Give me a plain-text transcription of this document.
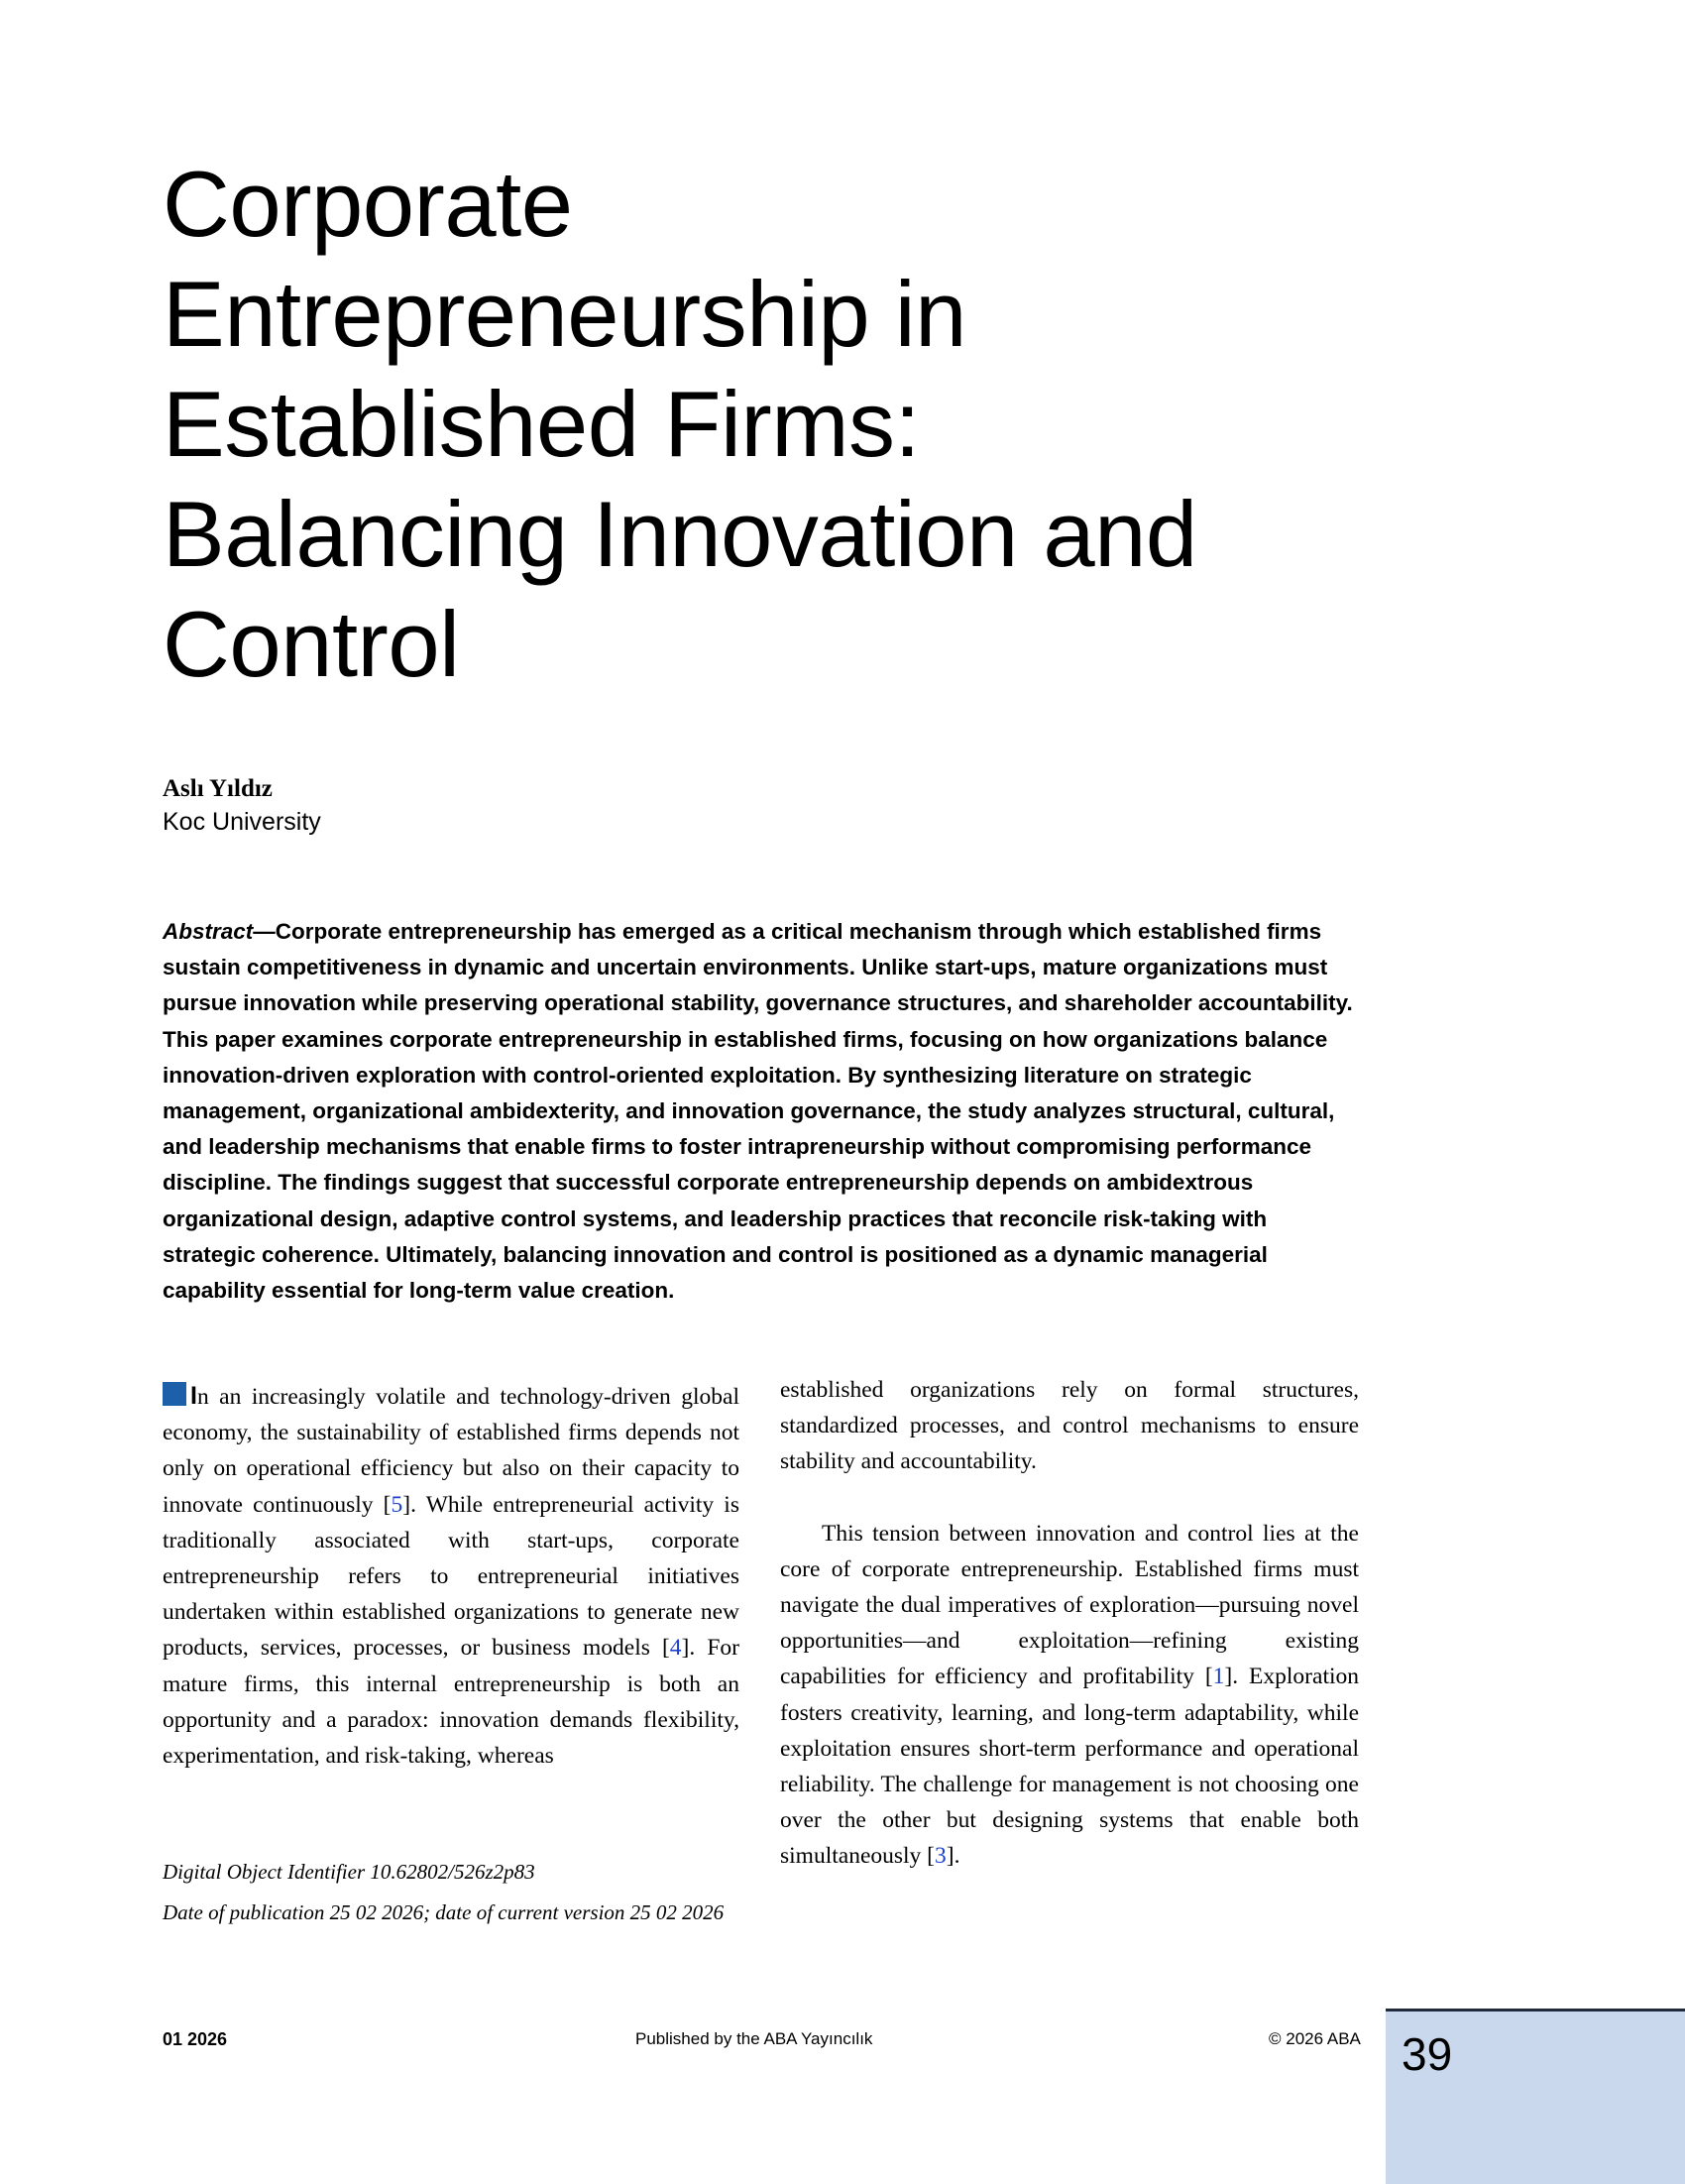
Corporate
Entrepreneurship in
Established Firms:
Balancing Innovation and
Control
Aslı Yıldız
Koc University

Abstract—Corporate entrepreneurship has emerged as a critical mechanism through which established firms sustain competitiveness in dynamic and uncertain environments. Unlike start-ups, mature organizations must pursue innovation while preserving operational stability, governance structures, and shareholder accountability. This paper examines corporate entrepreneurship in established firms, focusing on how organizations balance innovation-driven exploration with control-oriented exploitation. By synthesizing literature on strategic management, organizational ambidexterity, and innovation governance, the study analyzes structural, cultural, and leadership mechanisms that enable firms to foster intrapreneurship without compromising performance discipline. The findings suggest that successful corporate entrepreneurship depends on ambidextrous organizational design, adaptive control systems, and leadership practices that reconcile risk-taking with strategic coherence. Ultimately, balancing innovation and control is positioned as a dynamic managerial capability essential for long-term value creation.

In an increasingly volatile and technology-driven global economy, the sustainability of established firms depends not only on operational efficiency but also on their capacity to innovate continuously [5]. While entrepreneurial activity is traditionally associated with start-ups, corporate entrepreneurship refers to entrepreneurial initiatives undertaken within established organizations to generate new products, services, processes, or business models [4]. For mature firms, this internal entrepreneurship is both an opportunity and a paradox: innovation demands flexibility, experimentation, and risk-taking, whereas

Digital Object Identifier 10.62802/526z2p83
Date of publication 25 02 2026; date of current version 25 02 2026

established organizations rely on formal structures, standardized processes, and control mechanisms to ensure stability and accountability.

This tension between innovation and control lies at the core of corporate entrepreneurship. Established firms must navigate the dual imperatives of exploration—pursuing novel opportunities—and exploitation—refining existing capabilities for efficiency and profitability [1]. Exploration fosters creativity, learning, and long-term adaptability, while exploitation ensures short-term performance and operational reliability. The challenge for management is not choosing one over the other but designing systems that enable both simultaneously [3].

01 2026	Published by the ABA Yayıncılık	© 2026 ABA 39
